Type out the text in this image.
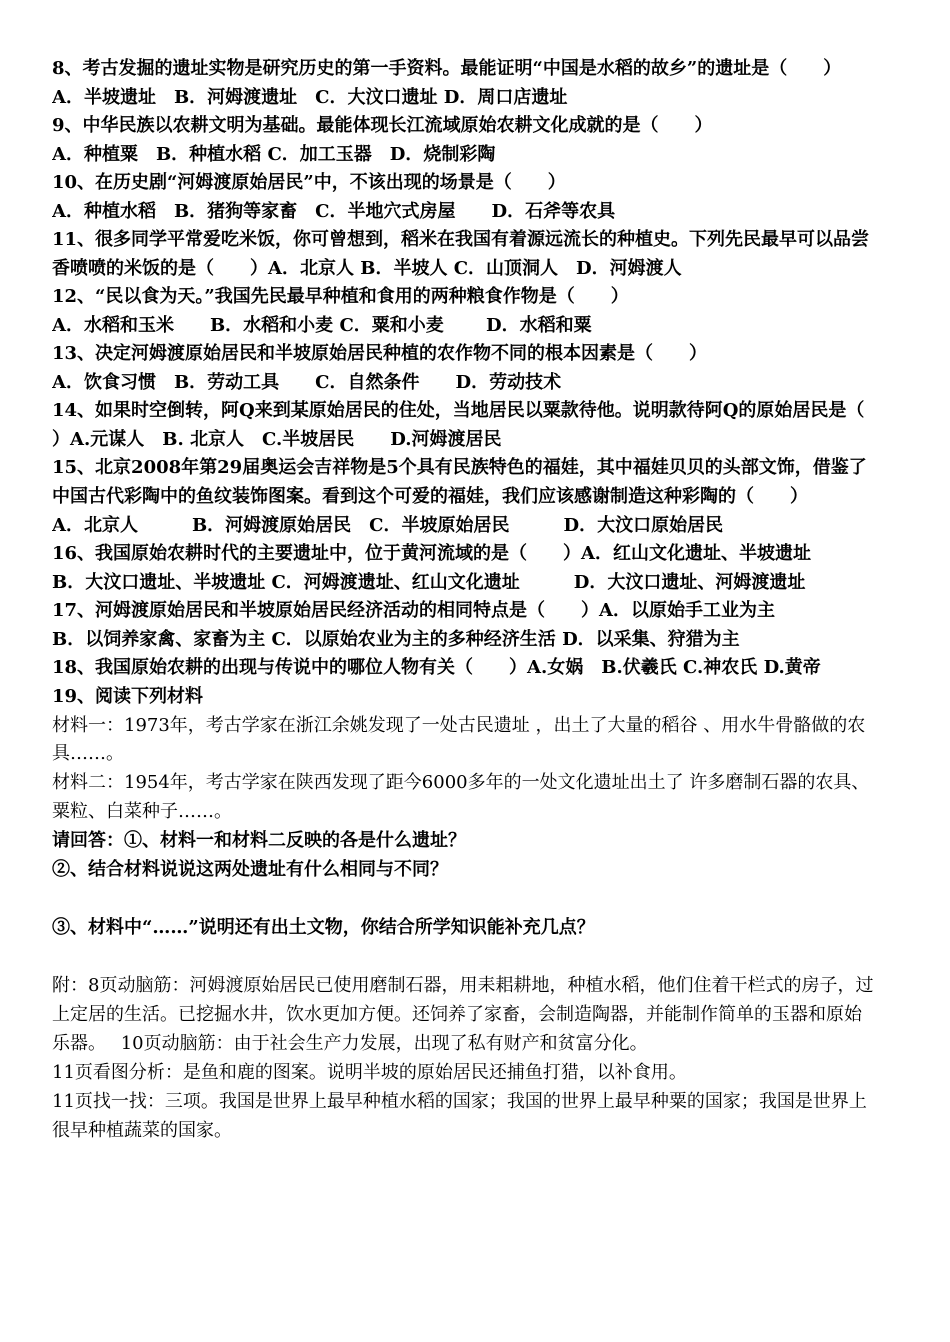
8、考古发掘的遗址实物是研究历史的第一手资料。最能证明“中国是水稻的故乡”的遗址是（　　）
A．半坡遗址　B．河姆渡遗址　C．大汶口遗址 D．周口店遗址
9、中华民族以农耕文明为基础。最能体现长江流域原始农耕文化成就的是（　　）
A．种植粟　B．种植水稻 C．加工玉器　D．烧制彩陶
10、在历史剧“河姆渡原始居民”中，不该出现的场景是（　　）
A．种植水稻　B．猪狗等家畜　C．半地穴式房屋　　D．石斧等农具
11、很多同学平常爱吃米饭，你可曾想到，稻米在我国有着源远流长的种植史。下列先民最早可以品尝
香喷喷的米饭的是（　　）A．北京人 B．半坡人 C．山顶洞人　D．河姆渡人
12、“民以食为天。”我国先民最早种植和食用的两种粮食作物是（　　）
A．水稻和玉米　　B．水稻和小麦 C．粟和小麦　　 D．水稻和粟
13、决定河姆渡原始居民和半坡原始居民种植的农作物不同的根本因素是（　　）
A．饮食习惯　B．劳动工具　　C．自然条件　　D．劳动技术
14、如果时空倒转，阿Q来到某原始居民的住处，当地居民以粟款待他。说明款待阿Q的原始居民是（
）A.元谋人　B. 北京人　C.半坡居民　　D.河姆渡居民
15、北京2008年第29届奥运会吉祥物是5个具有民族特色的福娃，其中福娃贝贝的头部文饰，借鉴了
中国古代彩陶中的鱼纹装饰图案。看到这个可爱的福娃，我们应该感谢制造这种彩陶的（　　）
A．北京人　　　B．河姆渡原始居民　C．半坡原始居民　　　D．大汶口原始居民
16、我国原始农耕时代的主要遗址中，位于黄河流域的是（　　）A．红山文化遗址、半坡遗址
B．大汶口遗址、半坡遗址 C．河姆渡遗址、红山文化遗址　　　D．大汶口遗址、河姆渡遗址
17、河姆渡原始居民和半坡原始居民经济活动的相同特点是（　　）A．以原始手工业为主
B．以饲养家禽、家畜为主 C．以原始农业为主的多种经济生活 D．以采集、狩猎为主
18、我国原始农耕的出现与传说中的哪位人物有关（　　）A.女娲　B.伏羲氏 C.神农氏 D.黄帝
19、阅读下列材料
材料一：1973年，考古学家在浙江余姚发现了一处古民遗址 ，出土了大量的稻谷 、用水牛骨骼做的农
具……。
材料二：1954年，考古学家在陕西发现了距今6000多年的一处文化遗址出土了 许多磨制石器的农具、
粟粒、白菜种子……。
请回答：①、材料一和材料二反映的各是什么遗址？
②、结合材料说说这两处遗址有什么相同与不同？
③、材料中“……”说明还有出土文物，你结合所学知识能补充几点？
附：8页动脑筋：河姆渡原始居民已使用磨制石器，用耒耜耕地，种植水稻，他们住着干栏式的房子，过
上定居的生活。已挖掘水井，饮水更加方便。还饲养了家畜，会制造陶器，并能制作简单的玉器和原始
乐器。　 10页动脑筋：由于社会生产力发展，出现了私有财产和贫富分化。
11页看图分析：是鱼和鹿的图案。说明半坡的原始居民还捕鱼打猎，以补食用。
11页找一找：三项。我国是世界上最早种植水稻的国家；我国的世界上最早种粟的国家；我国是世界上
很早种植蔬菜的国家。
